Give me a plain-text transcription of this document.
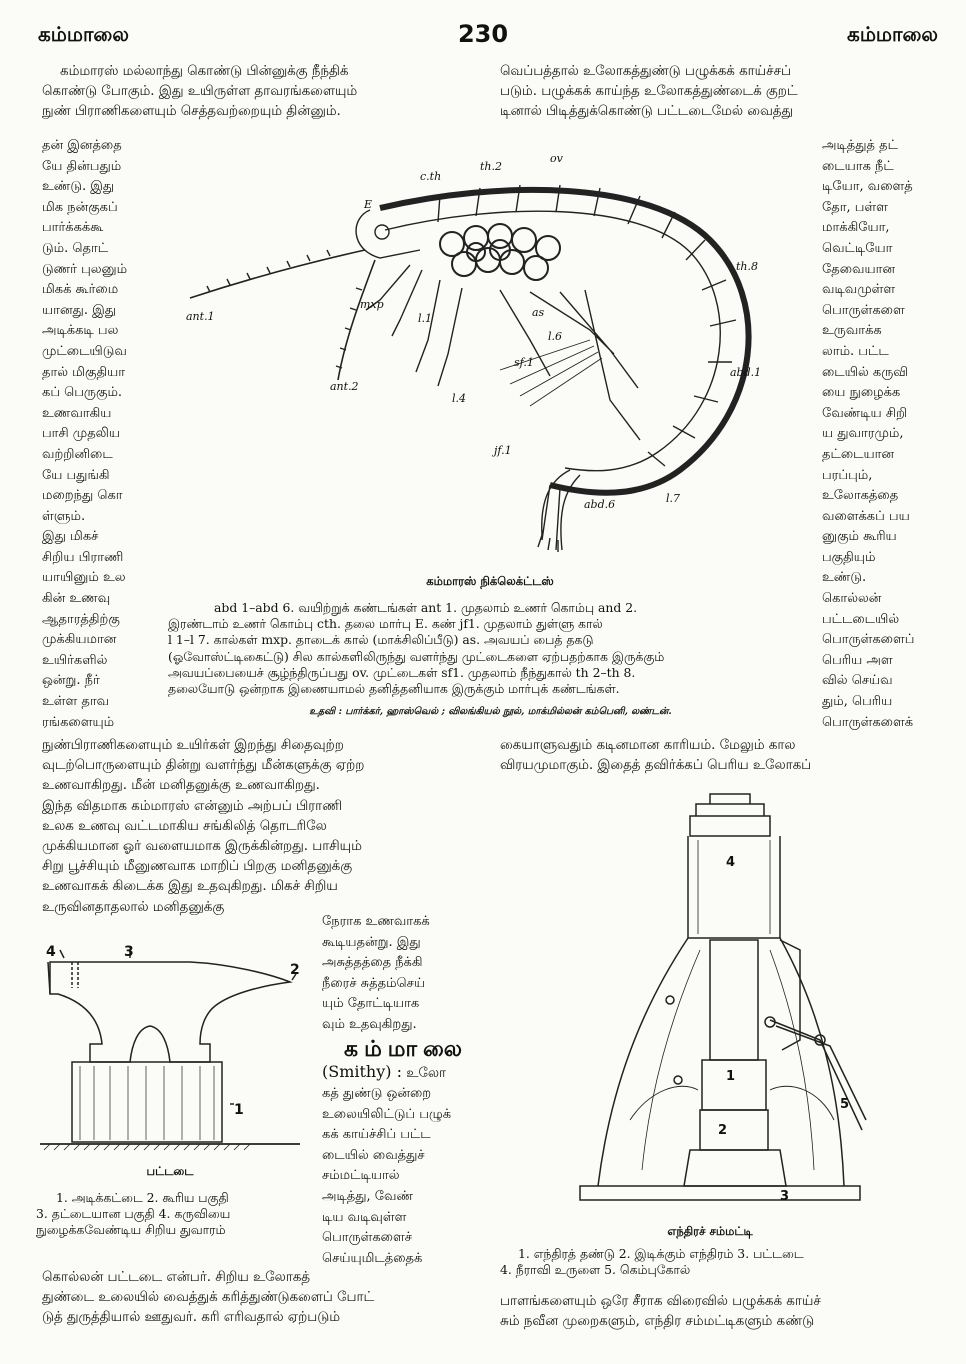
கம்மாலை	230	கம்மாலை

கம்மாரஸ் மல்லாந்து கொண்டு பின்னுக்கு நீந்திக்

கொண்டு போகும். இது உயிருள்ள தாவரங்களையும்

நுண் பிராணிகளையும் செத்தவற்றையும் தின்னும்.

வெப்பத்தால் உலோகத்துண்டு பழுக்கக் காய்ச்சப்

படும். பழுக்கக் காய்ந்த உலோகத்துண்டைக் குறட்

டினால் பிடித்துக்கொண்டு பட்டடைமேல் வைத்து

தன் இனத்தை

யே தின்பதும்

உண்டு. இது

மிக நன்குகப்

பார்க்கக்கூ

டும். தொட்

டுணர் புலனும்

மிகக் கூர்மை

யானது. இது

அடிக்கடி பல

முட்டையிடுவ

தால் மிகுதியா

கப் பெருகும்.

உணவாகிய

பாசி முதலிய

வற்றினிடை

யே பதுங்கி

மறைந்து கொ

ள்ளும்.

இது மிகச்

சிறிய பிராணி

யாயினும் உல

கின் உணவு

ஆதாரத்திற்கு

முக்கியமான

உயிர்களில்

ஒன்று. நீர்

உள்ள தாவ

ரங்களையும்

அடித்துத் தட்

டையாக நீட்

டியோ, வளைத்

தோ, பள்ள

மாக்கியோ,

வெட்டியோ

தேவையான

வடிவமுள்ள

பொருள்களை

உருவாக்க

லாம். பட்ட

டையில் கருவி

யை நுழைக்க

வேண்டிய சிறி

ய துவாரமும்,

தட்டையான

பரப்பும்,

உலோகத்தை

வளைக்கப் பய

னுகும் கூரிய

பகுதியும்

உண்டு.

கொல்லன்

பட்டடையில்

பொருள்களைப்

பெரிய அள

வில் செய்வ

தும், பெரிய

பொருள்களைக்

c.th
th.2
ov
E
th.8
ant.1
mxp
l.1	as
l.6
abd.1
sf.1
ant.2
l.4
jf.1
abd.6	l.7
கம்மாரஸ் நிக்லெக்ட்டஸ்

abd 1–abd 6. வயிற்றுக் கண்டங்கள் ant 1. முதலாம் உணர் கொம்பு and 2.

இரண்டாம் உணர் கொம்பு cth. தலை மார்பு E. கண் jf1. முதலாம் துள்ளு கால்

l 1–l 7. கால்கள் mxp. தாடைக் கால் (மாக்சிலிப்பீடு) as. அவயப் பைத் தகடு

(ஓவோஸ்ட்டிகைட்டு) சில கால்களிலிருந்து வளர்ந்து முட்டைகளை ஏற்பதற்காக இருக்கும்

அவயப்பையைச் சூழ்ந்திருப்பது ov. முட்டைகள் sf1. முதலாம் நீந்துகால் th 2–th 8.

தலையோடு ஒன்றாக இணையாமல் தனித்தனியாக இருக்கும் மார்புக் கண்டங்கள்.

உதவி : பார்க்கர், ஹாஸ்வெல் ; விலங்கியல் நூல், மாக்மில்லன் கம்பெனி, லண்டன்.

நுண்பிராணிகளையும் உயிர்கள் இறந்து சிதைவுற்ற

வுடற்பொருளையும் தின்று வளர்ந்து மீன்களுக்கு ஏற்ற

உணவாகிறது. மீன் மனிதனுக்கு உணவாகிறது.

இந்த விதமாக கம்மாரஸ் என்னும் அற்பப் பிராணி

உலக உணவு வட்டமாகிய சங்கிலித் தொடரிலே

முக்கியமான ஓர் வளையமாக இருக்கின்றது. பாசியும்

சிறு பூச்சியும் மீனுணவாக மாறிப் பிறகு மனிதனுக்கு

உணவாகக் கிடைக்க இது உதவுகிறது. மிகச் சிறிய

உருவினதாதலால் மனிதனுக்கு

நேராக உணவாகக்

கூடியதன்று. இது

அசுத்தத்தை நீக்கி

நீரைச் சுத்தம்செய்

யும் தோட்டியாக

வும் உதவுகிறது.

கம்மாலை

(Smithy) : உலோ

கத் துண்டு ஒன்றை

உலையிலிட்டுப் பழுக்

கக் காய்ச்சிப் பட்ட

டையில் வைத்துச்

சம்மட்டியால்

அடித்து, வேண்

டிய வடிவுள்ள

பொருள்களைச்

செய்யுமிடத்தைக்

4	3
2
1
பட்டடை

1. அடிக்கட்டை 2. கூரிய பகுதி

3. தட்டையான பகுதி 4. கருவியை

நுழைக்கவேண்டிய சிறிய துவாரம்

கொல்லன் பட்டடை என்பர். சிறிய உலோகத்

துண்டை உலையில் வைத்துக் கரித்துண்டுகளைப் போட்

டுத் துருத்தியால் ஊதுவர். கரி எரிவதால் ஏற்படும்

கையாளுவதும் கடினமான காரியம். மேலும் கால

விரயமுமாகும். இதைத் தவிர்க்கப் பெரிய உலோகப்

4
1
2
5
3
எந்திரச் சம்மட்டி

1. எந்திரத் தண்டு 2. இடிக்கும் எந்திரம் 3. பட்டடை

4. நீராவி உருளை 5. கெம்புகோல்

பாளங்களையும் ஒரே சீராக விரைவில் பழுக்கக் காய்ச்

சும் நவீன முறைகளும், எந்திர சம்மட்டிகளும் கண்டு
